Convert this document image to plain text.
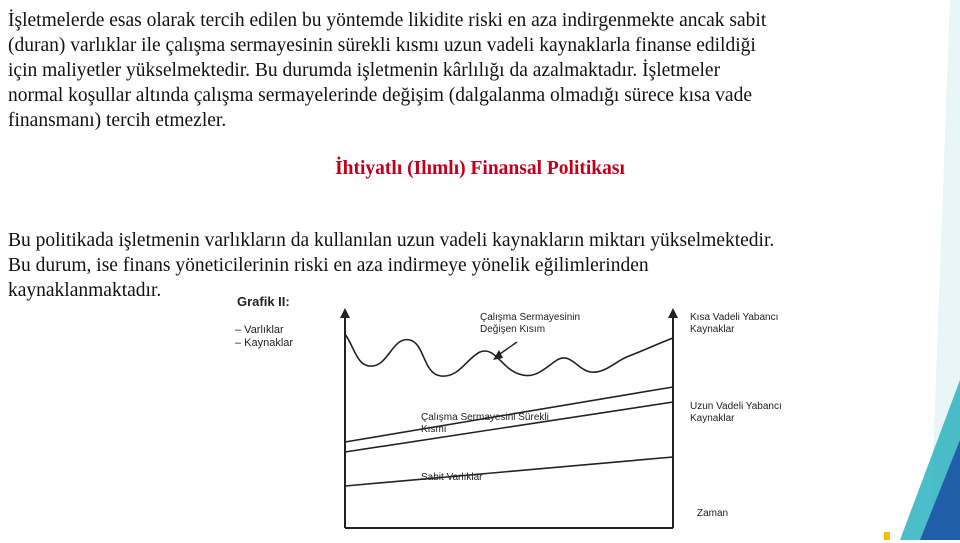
İşletmelerde esas olarak tercih edilen bu yöntemde likidite riski en aza indirgenmekte ancak sabit
(duran) varlıklar ile çalışma sermayesinin sürekli kısmı uzun vadeli kaynaklarla finanse edildiği
için maliyetler yükselmektedir. Bu durumda işletmenin kârlılığı da azalmaktadır. İşletmeler
normal koşullar altında çalışma sermayelerinde değişim (dalgalanma olmadığı sürece kısa vade
finansmanı) tercih etmezler.
İhtiyatlı (Ilımlı) Finansal Politikası
Bu politikada işletmenin varlıkların da kullanılan uzun vadeli kaynakların miktarı yükselmektedir.
Bu durum, ise finans yöneticilerinin riski en aza indirmeye yönelik eğilimlerinden
kaynaklanmaktadır.
Grafik II:
– Varlıklar
– Kaynaklar
Çalışma Sermayesinin
Değişen Kısım
Kısa Vadeli Yabancı
Kaynaklar
Uzun Vadeli Yabancı
Kaynaklar
Çalışma Sermayesini Sürekli
Kısmı
Sabit Varlıklar
Zaman
